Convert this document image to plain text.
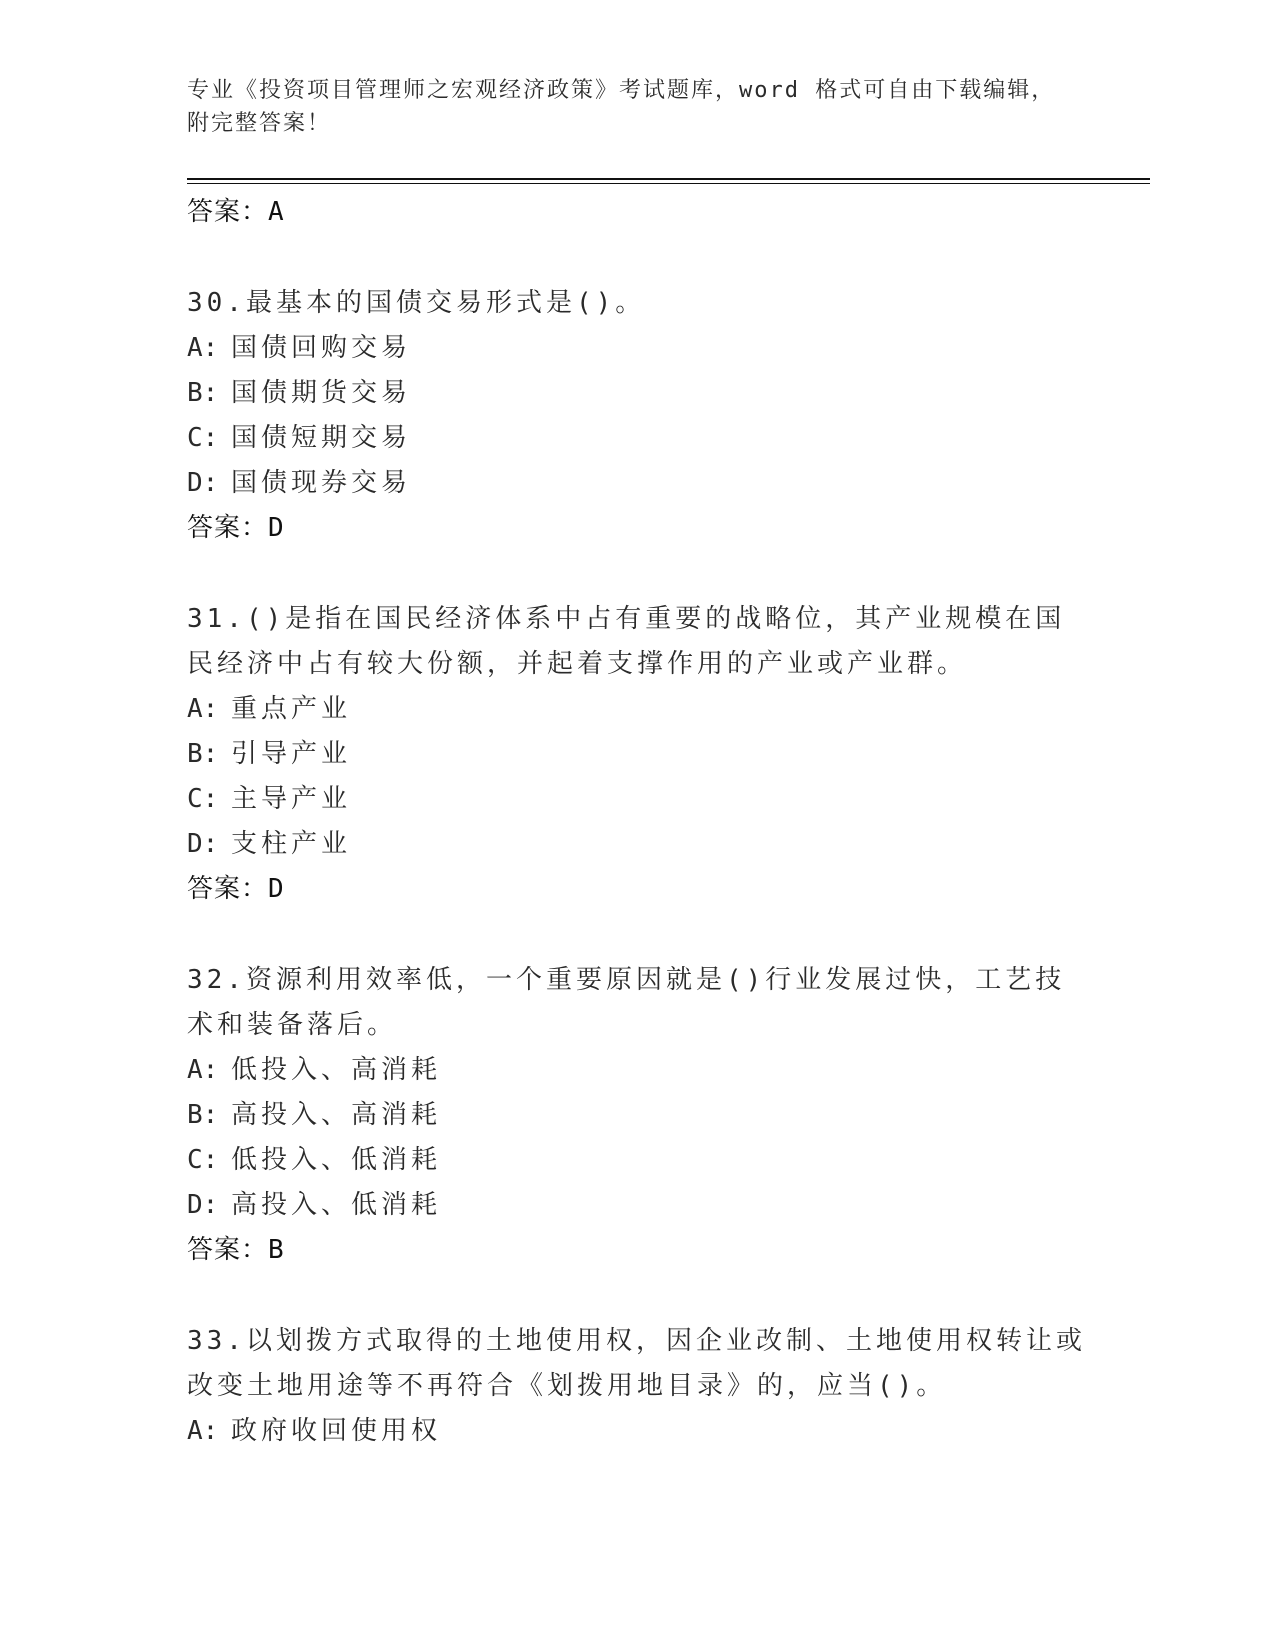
专业《投资项目管理师之宏观经济政策》考试题库，word 格式可自由下载编辑，附完整答案！
答案：A
30.最基本的国债交易形式是()。
A: 国债回购交易
B: 国债期货交易
C: 国债短期交易
D: 国债现券交易
答案：D
31.()是指在国民经济体系中占有重要的战略位，其产业规模在国民经济中占有较大份额，并起着支撑作用的产业或产业群。
A: 重点产业
B: 引导产业
C: 主导产业
D: 支柱产业
答案：D
32.资源利用效率低，一个重要原因就是()行业发展过快，工艺技术和装备落后。
A: 低投入、高消耗
B: 高投入、高消耗
C: 低投入、低消耗
D: 高投入、低消耗
答案：B
33.以划拨方式取得的土地使用权，因企业改制、土地使用权转让或改变土地用途等不再符合《划拨用地目录》的，应当()。
A: 政府收回使用权
